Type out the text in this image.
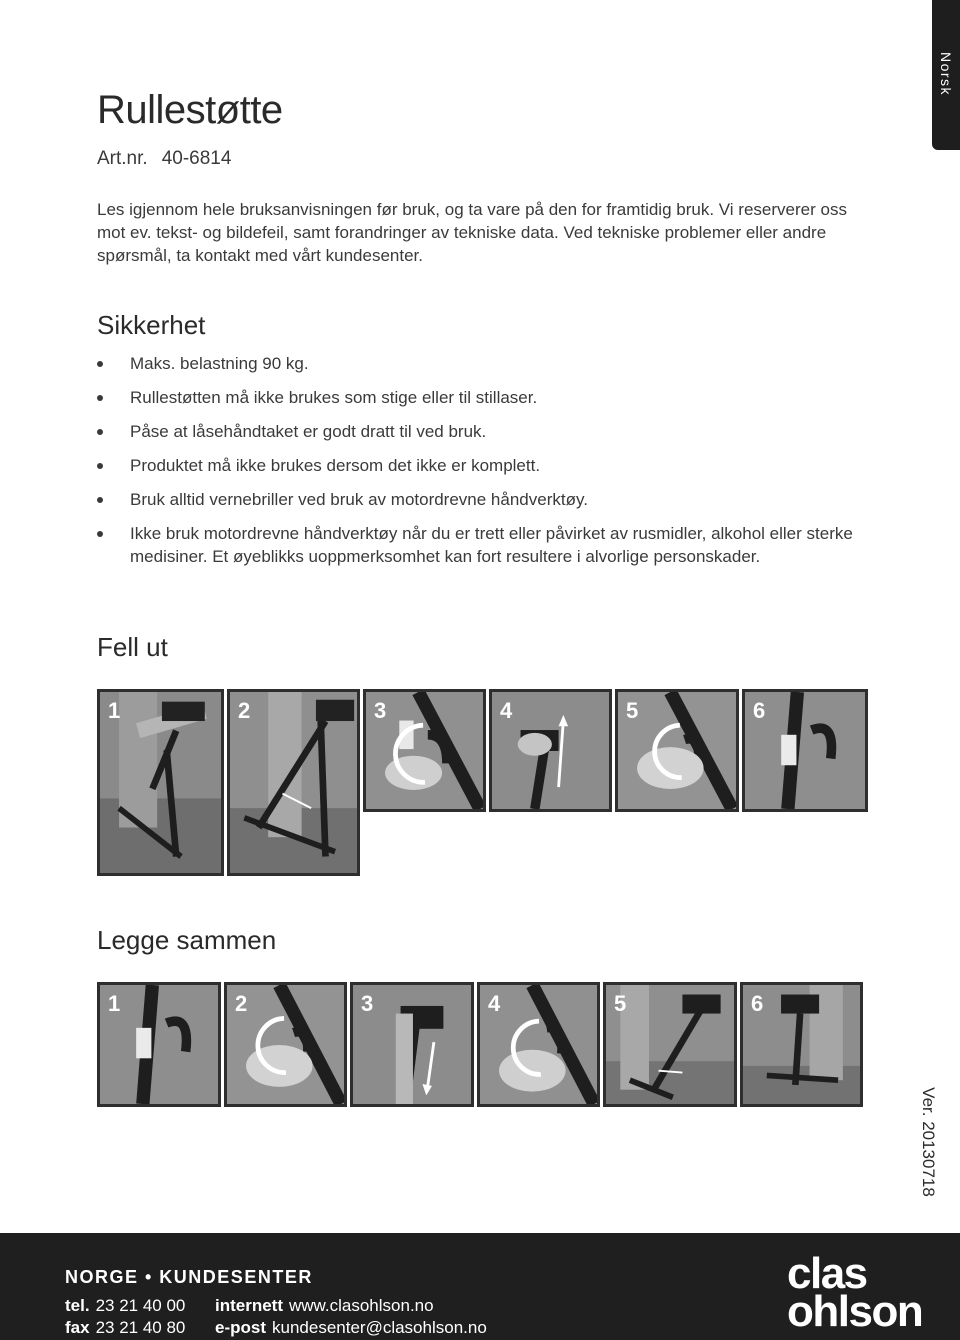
Norsk
Rullestøtte
Art.nr. 40-6814

Les igjennom hele bruksanvisningen før bruk, og ta vare på den for framtidig bruk. Vi reserverer oss mot ev. tekst- og bildefeil, samt forandringer av tekniske data. Ved tekniske problemer eller andre spørsmål, ta kontakt med vårt kundesenter.

Sikkerhet
Maks. belastning 90 kg.
Rullestøtten må ikke brukes som stige eller til stillaser.
Påse at låsehåndtaket er godt dratt til ved bruk.
Produktet må ikke brukes dersom det ikke er komplett.
Bruk alltid vernebriller ved bruk av motordrevne håndverktøy.
Ikke bruk motordrevne håndverktøy når du er trett eller påvirket av rusmidler, alkohol eller sterke medisiner. Et øyeblikks uoppmerksomhet kan fort resultere i alvorlige personskader.
Fell ut
1	2	3	4	5	6
Legge sammen
1	2	3	4	5	6
Ver. 20130718
NORGE • KUNDESENTER
tel. 23 21 40 00 internett www.clasohlson.no
fax 23 21 40 80 e-post kundesenter@clasohlson.no
clas
ohlson
